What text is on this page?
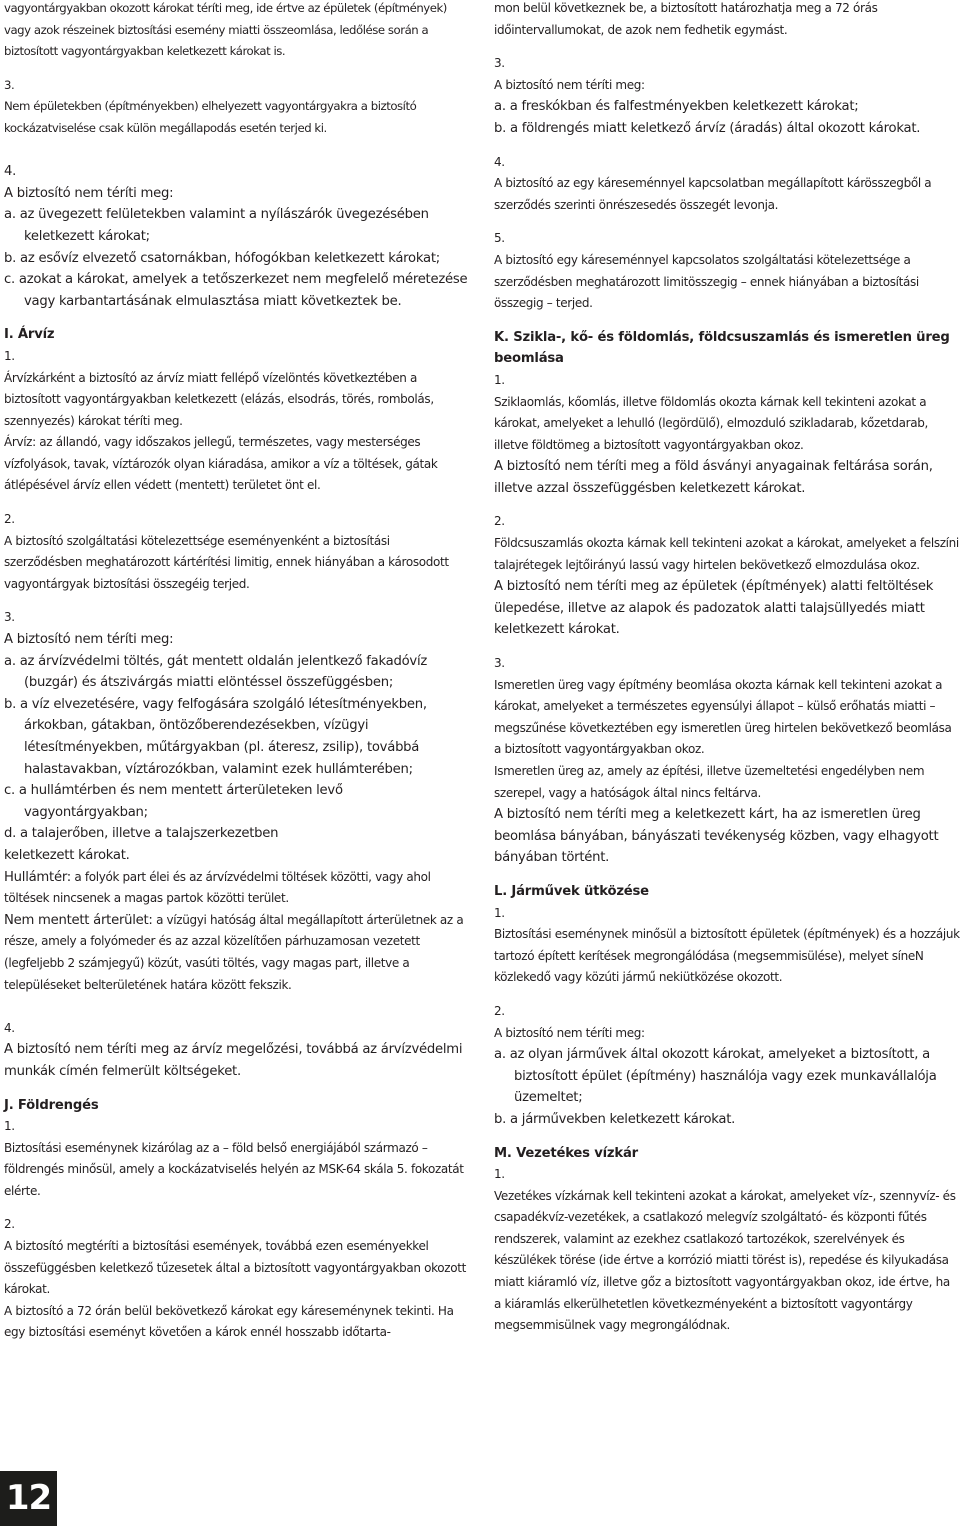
vagyontárgyakban okozott károkat téríti meg, ide értve az épületek (építmények) vagy azok részeinek biztosítási esemény miatti összeomlása, ledőlése során a biztosított vagyontárgyakban keletkezett károkat is.

3.

Nem épületekben (építményekben) elhelyezett vagyontárgyakra a biztosító kockázatviselése csak külön megállapodás esetén terjed ki.

4.

A biztosító nem téríti meg:

a. az üvegezett felületekben valamint a nyílászárók üvegezésében keletkezett károkat;

b. az esővíz elvezető csatornákban, hófogókban keletkezett károkat;

c. azokat a károkat, amelyek a tetőszerkezet nem megfelelő méretezése vagy karbantartásának elmulasztása miatt következtek be.

I. Árvíz

1.

Árvízkárként a biztosító az árvíz miatt fellépő vízelöntés következtében a biztosított vagyontárgyakban keletkezett (elázás, elsodrás, törés, rombolás, szennyezés) károkat téríti meg.

Árvíz: az állandó, vagy időszakos jellegű, természetes, vagy mesterséges vízfolyások, tavak, víztározók olyan kiáradása, amikor a víz a töltések, gátak átlépésével árvíz ellen védett (mentett) területet önt el.

2.

A biztosító szolgáltatási kötelezettsége eseményenként a biztosítási szerződésben meghatározott kártérítési limitig, ennek hiányában a károsodott vagyontárgyak biztosítási összegéig terjed.

3.

A biztosító nem téríti meg:

a. az árvízvédelmi töltés, gát mentett oldalán jelentkező fakadóvíz (buzgár) és átszivárgás miatti elöntéssel összefüggésben;

b. a víz elvezetésére, vagy felfogására szolgáló létesítményekben, árkokban, gátakban, öntözőberendezésekben, vízügyi létesítményekben, műtárgyakban (pl. áteresz, zsilip), továbbá halastavakban, víztározókban, valamint ezek hullámterében;

c. a hullámtérben és nem mentett árterületeken levő vagyontárgyakban;

d. a talajerőben, illetve a talajszerkezetben

keletkezett károkat.

Hullámtér: a folyók part élei és az árvízvédelmi töltések közötti, vagy ahol töltések nincsenek a magas partok közötti terület.

Nem mentett árterület: a vízügyi hatóság által megállapított árterületnek az a része, amely a folyómeder és az azzal közelítően párhuzamosan vezetett (legfeljebb 2 számjegyű) közút, vasúti töltés, vagy magas part, illetve a településeket belterületének határa között fekszik.

4.

A biztosító nem téríti meg az árvíz megelőzési, továbbá az árvízvédelmi munkák címén felmerült költségeket.

J. Földrengés

1.

Biztosítási eseménynek kizárólag az a – föld belső energiájából származó – földrengés minősül, amely a kockázatviselés helyén az MSK-64 skála 5. fokozatát elérte.

2.

A biztosító megtéríti a biztosítási események, továbbá ezen eseményekkel összefüggésben keletkező tűzesetek által a biztosított vagyontárgyakban okozott károkat.

A biztosító a 72 órán belül bekövetkező károkat egy káreseménynek tekinti. Ha egy biztosítási eseményt követően a károk ennél hosszabb időtarta-

mon belül következnek be, a biztosított határozhatja meg a 72 órás időintervallumokat, de azok nem fedhetik egymást.

3.

A biztosító nem téríti meg:

a. a freskókban és falfestményekben keletkezett károkat;

b. a földrengés miatt keletkező árvíz (áradás) által okozott károkat.

4.

A biztosító az egy káreseménnyel kapcsolatban megállapított kárösszegből a szerződés szerinti önrészesedés összegét levonja.

5.

A biztosító egy káreseménnyel kapcsolatos szolgáltatási kötelezettsége a szerződésben meghatározott limitösszegig – ennek hiányában a biztosítási összegig – terjed.

K. Szikla-, kő- és földomlás, földcsuszamlás és ismeretlen üreg beomlása

1.

Sziklaomlás, kőomlás, illetve földomlás okozta kárnak kell tekinteni azokat a károkat, amelyeket a lehulló (legördülő), elmozduló szikladarab, kőzetdarab, illetve földtömeg a biztosított vagyontárgyakban okoz.

A biztosító nem téríti meg a föld ásványi anyagainak feltárása során, illetve azzal összefüggésben keletkezett károkat.

2.

Földcsuszamlás okozta kárnak kell tekinteni azokat a károkat, amelyeket a felszíni talajrétegek lejtőirányú lassú vagy hirtelen bekövetkező elmozdulása okoz.

A biztosító nem téríti meg az épületek (építmények) alatti feltöltések ülepedése, illetve az alapok és padozatok alatti talajsüllyedés miatt keletkezett károkat.

3.

Ismeretlen üreg vagy építmény beomlása okozta kárnak kell tekinteni azokat a károkat, amelyeket a természetes egyensúlyi állapot – külső erőhatás miatti – megszűnése következtében egy ismeretlen üreg hirtelen bekövetkező beomlása a biztosított vagyontárgyakban okoz.

Ismeretlen üreg az, amely az építési, illetve üzemeltetési engedélyben nem szerepel, vagy a hatóságok által nincs feltárva.

A biztosító nem téríti meg a keletkezett kárt, ha az ismeretlen üreg beomlása bányában, bányászati tevékenység közben, vagy elhagyott bányában történt.

L. Járművek ütközése

1.

Biztosítási eseménynek minősül a biztosított épületek (építmények) és a hozzájuk tartozó épített kerítések megrongálódása (megsemmisülése), melyet síneN közlekedő vagy közúti jármű nekiütközése okozott.

2.

A biztosító nem téríti meg:

a. az olyan járművek által okozott károkat, amelyeket a biztosított, a biztosított épület (építmény) használója vagy ezek munkavállalója üzemeltet;

b. a járművekben keletkezett károkat.

M. Vezetékes vízkár

1.

Vezetékes vízkárnak kell tekinteni azokat a károkat, amelyeket víz-, szennyvíz- és csapadékvíz-vezetékek, a csatlakozó melegvíz szolgáltató- és központi fűtés rendszerek, valamint az ezekhez csatlakozó tartozékok, szerelvények és készülékek törése (ide értve a korrózió miatti törést is), repedése és kilyukadása miatt kiáramló víz, illetve gőz a biztosított vagyontárgyakban okoz, ide értve, ha a kiáramlás elkerülhetetlen következményeként a biztosított vagyontárgy megsemmisülnek vagy megrongálódnak.

12
